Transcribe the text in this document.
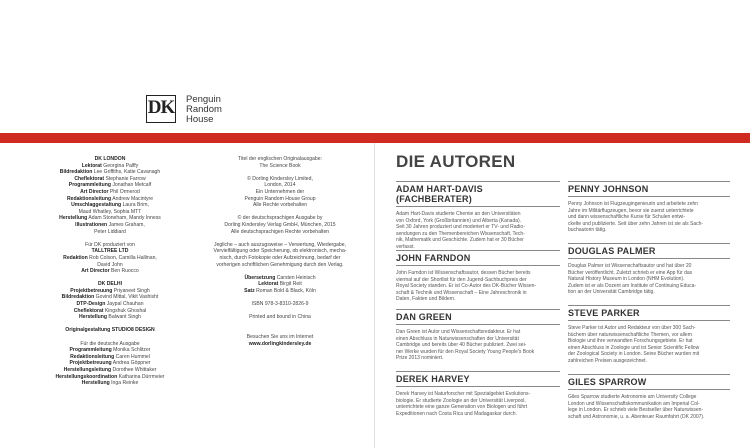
DK Penguin
Random
House
DK LONDON
Lektorat Georgina Palffy
Bildredaktion Lee Griffiths, Katie Cavanagh
Cheflektorat Stephanie Farrow
Programmleitung Jonathan Metcalf
Art Director Phil Ormerod
Redaktionsleitung Andrew Macintyre
Umschlaggestaltung Laura Brim,
Maud Whatley, Sophia MTT
Herstellung Adam Stoneham, Mandy Inness
Illustrationen James Graham,
Peter Liddiard
Für DK produziert von
TALLTREE LTD
Redaktion Rob Colson, Camilla Hallinan,
David John
Art Director Ben Ruocco
DK DELHI
Projektbetreuung Priyaneet Singh
Bildredaktion Govind Mittal, Vikit Vashisht
DTP-Design Jaypal Chauhan
Cheflektorat Kingshuk Ghoshal
Herstellung Balwant Singh
Originalgestaltung STUDIO8 DESIGN
Für die deutsche Ausgabe
Programmleitung Monika Schlitzer
Redaktionsleitung Caren Hummel
Projektbetreuung Andrea Göppner
Herstellungsleitung Dorothee Whittaker
Herstellungskoordination Katharina Dürrmeier
Herstellung Inga Reinke
Titel der englischen Originalausgabe:
The Science Book
© Dorling Kindersley Limited,
London, 2014
Ein Unternehmen der
Penguin Random House Group
Alle Rechte vorbehalten
© der deutschsprachigen Ausgabe by
Dorling Kindersley Verlag GmbH, München, 2015
Alle deutschsprachigen Rechte vorbehalten
Jegliche – auch auszugsweise – Verwertung, Wiedergabe,
Vervielfältigung oder Speicherung, ob elektronisch, mecha-
nisch, durch Fotokopie oder Aufzeichnung, bedarf der
vorherigen schriftlichen Genehmigung durch den Verlag.
Übersetzung Carsten Heinisch
Lektorat Birgit Reit
Satz Roman Bold & Black, Köln
ISBN 978-3-8310-2826-9
Printed and bound in China
Besuchen Sie uns im Internet
www.dorlingkindersley.de
DIE AUTOREN
ADAM HART-DAVIS (FACHBERATER)
Adam Hart-Davis studierte Chemie an den Universitäten
von Oxford, York (Großbritannien) und Alberta (Kanada).
Seit 30 Jahren produziert und moderiert er TV- und Radio-
sendungen zu den Themenbereichen Wissenschaft, Tech-
nik, Mathematik und Geschichte. Zudem hat er 30 Bücher
verfasst.
JOHN FARNDON
John Farndon ist Wissenschaftsautor, dessen Bücher bereits
viermal auf der Shortlist für den Jugend-Sachbuchpreis der
Royal Society standen. Er ist Co-Autor des DK-Bücher Wissen-
schaft & Technik und Wissenschaft – Eine Jahreschronik in
Daten, Fakten und Bildern.
DAN GREEN
Dan Green ist Autor und Wissenschaftsredakteur. Er hat
einen Abschluss in Naturwissenschaften der Universität
Cambridge und bereits über 40 Bücher publiziert. Zwei sei-
ner Werke wurden für den Royal Society Young People's Book
Prize 2013 nominiert.
DEREK HARVEY
Derek Harvey ist Naturforscher mit Spezialgebiet Evolutions-
biologie. Er studierte Zoologie an der Universität Liverpool,
unterrichtete eine ganze Generation von Biologen und führt
Expeditionen nach Costa Rica und Madagaskar durch.
PENNY JOHNSON
Penny Johnson ist Flugzeugingenieurin und arbeitete zehn
Jahre im Militärflugzeugen, bevor sie zuerst unterrichtete
und dann wissenschaftliche Kurse für Schulen entwi-
ckelte und publizierte. Seit über zehn Jahren ist sie als Sach-
buchautorin tätig.
DOUGLAS PALMER
Douglas Palmer ist Wissenschaftsautor und hat über 20
Bücher veröffentlicht. Zuletzt schrieb er eine App für das
Natural History Museum in London (NHM Evolution).
Zudem ist er als Dozent am Institute of Continuing Educa-
tion an der Universität Cambridge tätig.
STEVE PARKER
Steve Parker ist Autor und Redakteur von über 300 Sach-
büchern über naturwissenschaftliche Themen, vor allem
Biologie und ihre verwandten Forschungsgebiete. Er hat
einen Abschluss in Zoologie und ist Senior Scientific Fellow
der Zoological Society in London. Seine Bücher wurden mit
zahlreichen Preisen ausgezeichnet.
GILES SPARROW
Giles Sparrow studierte Astronomie am University College
London und Wissenschaftskommunikation am Imperial Col-
lege in London. Er schrieb viele Bestseller über Naturwissen-
schaft und Astronomie, u. a. Abenteuer Raumfahrt (DK 2007).
